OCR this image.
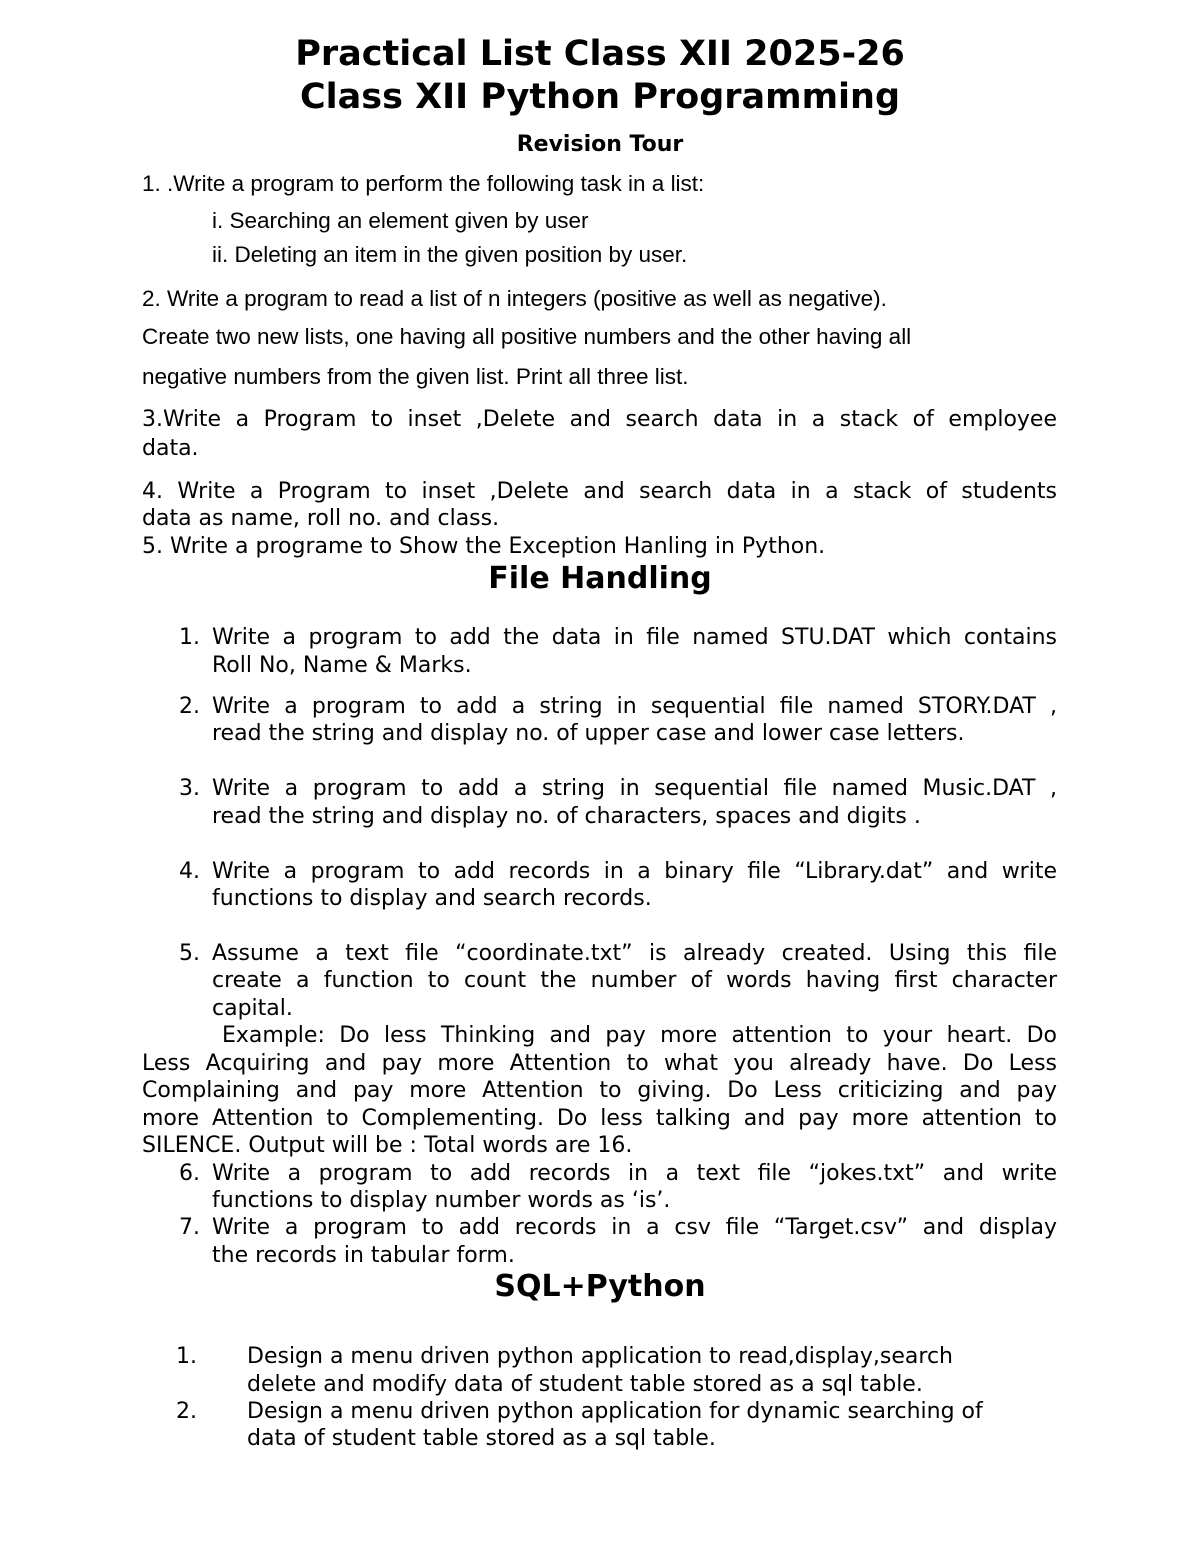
Practical List Class XII 2025-26
Class XII Python Programming
Revision Tour
1. .Write a program to perform the following task in a list:
i. Searching an element given by user
ii. Deleting an item in the given position by user.
2. Write a program to read a list of n integers (positive as well as negative).
Create two new lists, one having all positive numbers and the other having all
negative numbers from the given list. Print all three list.
3.Write a Program to inset ,Delete and search data in a stack of employee
data.
4. Write a Program to inset ,Delete and search data in a stack of students
data as name, roll no. and class.
5. Write a programe to Show the Exception Hanling in Python.
File Handling
1. Write a program to add the data in file named STU.DAT which contains
Roll No, Name & Marks.
2. Write a program to add a string in sequential file named STORY.DAT ,
read the string and display no. of upper case and lower case letters.
3. Write a program to add a string in sequential file named Music.DAT ,
read the string and display no. of characters, spaces and digits .
4. Write a program to add records in a binary file “Library.dat” and write
functions to display and search records.
5. Assume a text file “coordinate.txt” is already created. Using this file
create a function to count the number of words having first character
capital.
Example: Do less Thinking and pay more attention to your heart. Do
Less Acquiring and pay more Attention to what you already have. Do Less
Complaining and pay more Attention to giving. Do Less criticizing and pay
more Attention to Complementing. Do less talking and pay more attention to
SILENCE. Output will be : Total words are 16.
6. Write a program to add records in a text file “jokes.txt” and write
functions to display number words as ‘is’.
7. Write a program to add records in a csv file “Target.csv” and display
the records in tabular form.
SQL+Python
1. Design a menu driven python application to read,display,search
delete and modify data of student table stored as a sql table.
2. Design a menu driven python application for dynamic searching of
data of student table stored as a sql table.
